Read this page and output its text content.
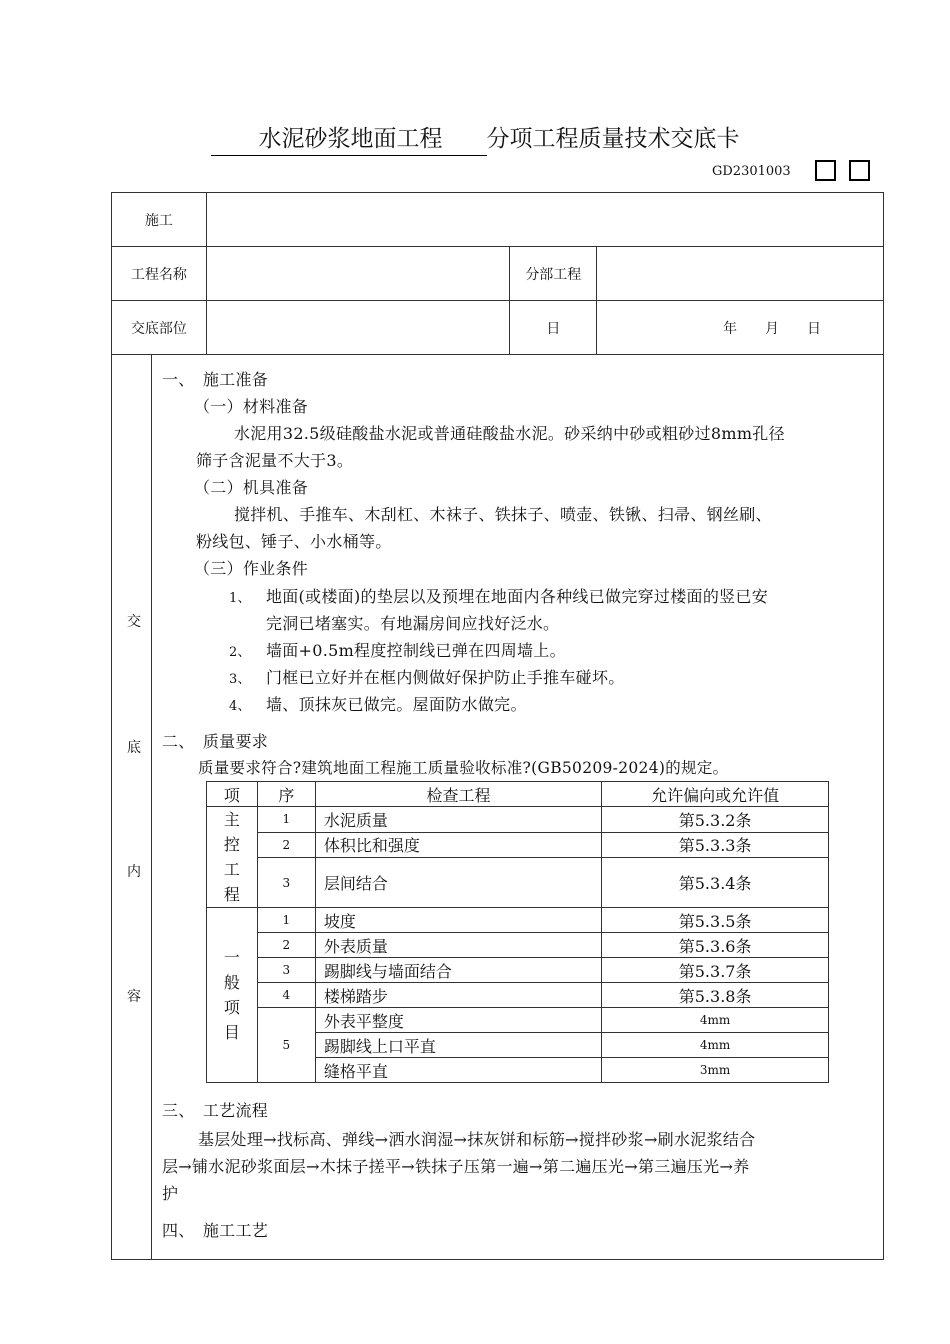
水泥砂浆地面工程 分项工程质量技术交底卡
GD2301003
施工	
工程名称		分部工程	
交底部位		日	年　　月　　日

交
底
内
容

一、　施工准备
（一）材料准备
水泥用32.5级硅酸盐水泥或普通硅酸盐水泥。砂采纳中砂或粗砂过8mm孔径
筛子含泥量不大于3。
（二）机具准备
搅拌机、手推车、木刮杠、木袜子、铁抹子、喷壶、铁锹、扫帚、钢丝刷、
粉线包、锤子、小水桶等。
（三）作业条件
1、 地面(或楼面)的垫层以及预埋在地面内各种线已做完穿过楼面的竖已安
完洞已堵塞实。有地漏房间应找好泛水。
2、 墙面+0.5m程度控制线已弹在四周墙上。
3、 门框已立好并在框内侧做好保护防止手推车碰坏。
4、 墙、顶抹灰已做完。屋面防水做完。
二、　质量要求
质量要求符合?建筑地面工程施工质量验收标准?(GB50209-2024)的规定。
项	序	检查工程	允许偏向或允许值
主控工程	1	水泥质量	第5.3.2条
2	体积比和强度	第5.3.3条
3	层间结合	第5.3.4条
一般项目	1	坡度	第5.3.5条
2	外表质量	第5.3.6条
3	踢脚线与墙面结合	第5.3.7条
4	楼梯踏步	第5.3.8条
5	外表平整度	4mm
踢脚线上口平直	4mm
缝格平直	3mm
三、　工艺流程
基层处理→找标高、弹线→洒水润湿→抹灰饼和标筋→搅拌砂浆→刷水泥浆结合
层→铺水泥砂浆面层→木抹子搓平→铁抹子压第一遍→第二遍压光→第三遍压光→养
护
四、　施工工艺
